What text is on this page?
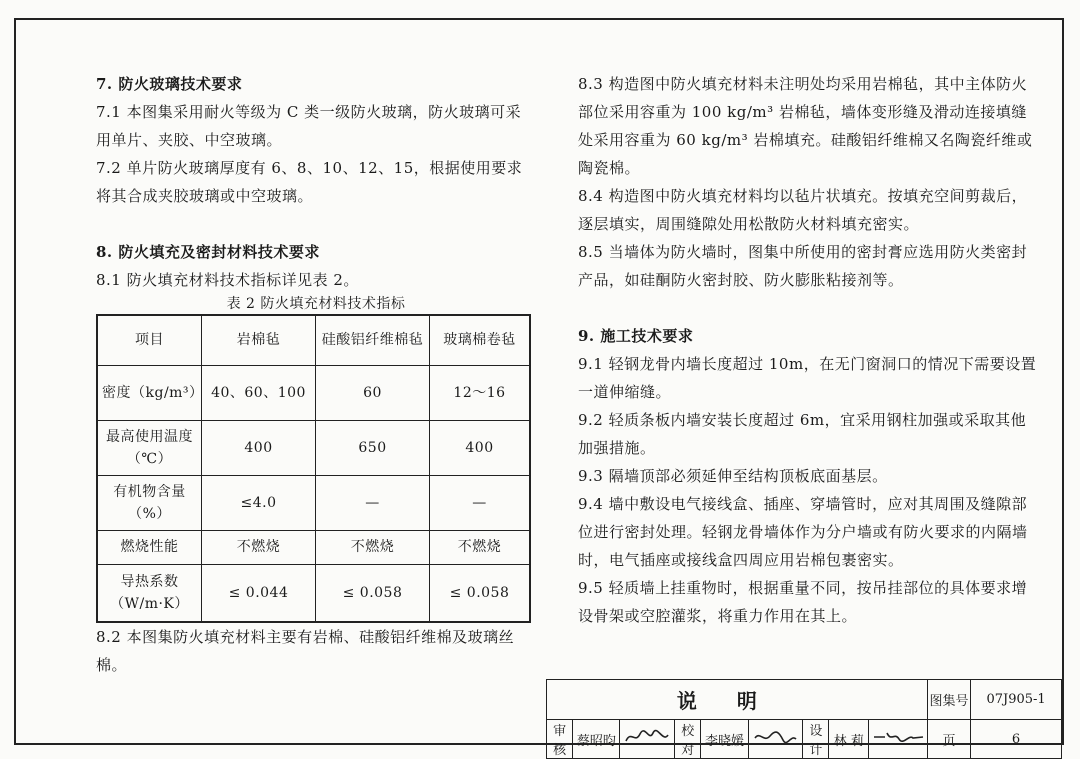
7. 防火玻璃技术要求

7.1 本图集采用耐火等级为 C 类一级防火玻璃，防火玻璃可采用单片、夹胶、中空玻璃。

7.2 单片防火玻璃厚度有 6、8、10、12、15，根据使用要求将其合成夹胶玻璃或中空玻璃。

8. 防火填充及密封材料技术要求

8.1 防火填充材料技术指标详见表 2。

表 2 防火填充材料技术指标

项目	岩棉毡	硅酸铝纤维棉毡	玻璃棉卷毡
密度（kg/m³）	40、60、100	60	12～16
最高使用温度（℃）	400	650	400
有机物含量（%）	≤4.0	—	—
燃烧性能	不燃烧	不燃烧	不燃烧
导热系数（W/m·K）	≤ 0.044	≤ 0.058	≤ 0.058

8.2 本图集防火填充材料主要有岩棉、硅酸铝纤维棉及玻璃丝棉。

8.3 构造图中防火填充材料未注明处均采用岩棉毡，其中主体防火部位采用容重为 100 kg/m³ 岩棉毡，墙体变形缝及滑动连接填缝处采用容重为 60 kg/m³ 岩棉填充。硅酸铝纤维棉又名陶瓷纤维或陶瓷棉。

8.4 构造图中防火填充材料均以毡片状填充。按填充空间剪裁后，逐层填实，周围缝隙处用松散防火材料填充密实。

8.5 当墙体为防火墙时，图集中所使用的密封膏应选用防火类密封产品，如硅酮防火密封胶、防火膨胀粘接剂等。

9. 施工技术要求

9.1 轻钢龙骨内墙长度超过 10m，在无门窗洞口的情况下需要设置一道伸缩缝。

9.2 轻质条板内墙安装长度超过 6m，宜采用钢柱加强或采取其他加强措施。

9.3 隔墙顶部必须延伸至结构顶板底面基层。

9.4 墙中敷设电气接线盒、插座、穿墙管时，应对其周围及缝隙部位进行密封处理。轻钢龙骨墙体作为分户墙或有防火要求的内隔墙时，电气插座或接线盒四周应用岩棉包裹密实。

9.5 轻质墙上挂重物时，根据重量不同，按吊挂部位的具体要求增设骨架或空腔灌浆，将重力作用在其上。

说明									图集号	07J905-1
审核	蔡昭昀		校对	李晓媛		设计	林 莉		页	6
